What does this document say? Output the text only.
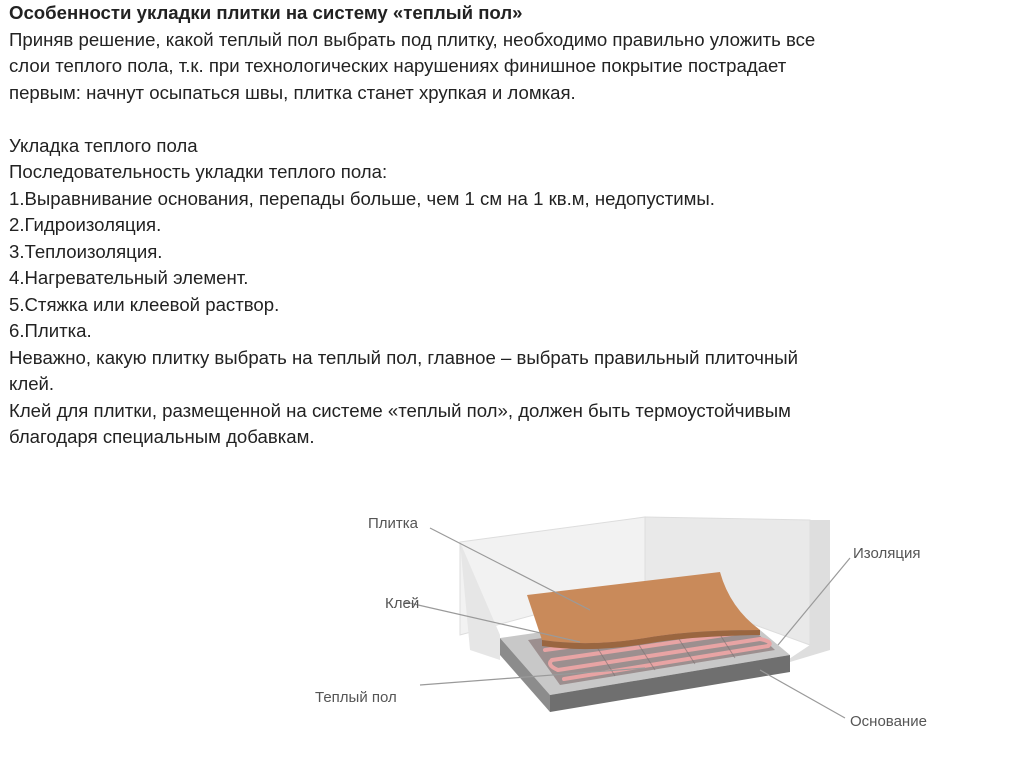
Особенности укладки плитки на систему «теплый пол»

Приняв решение, какой теплый пол выбрать под плитку, необходимо правильно уложить все

слои теплого пола, т.к. при технологических нарушениях финишное покрытие пострадает

первым: начнут осыпаться швы, плитка станет хрупкая и ломкая.

Укладка теплого пола

Последовательность укладки теплого пола:

1.Выравнивание основания, перепады больше, чем 1 см на 1 кв.м, недопустимы.

2.Гидроизоляция.

3.Теплоизоляция.

4.Нагревательный элемент.

5.Стяжка или клеевой раствор.

6.Плитка.

Неважно, какую плитку выбрать на теплый пол, главное – выбрать правильный плиточный

клей.

Клей для плитки, размещенной на системе «теплый пол», должен быть термоустойчивым

благодаря специальным добавкам.

Плитка
Клей
Теплый пол
Изоляция
Основание
